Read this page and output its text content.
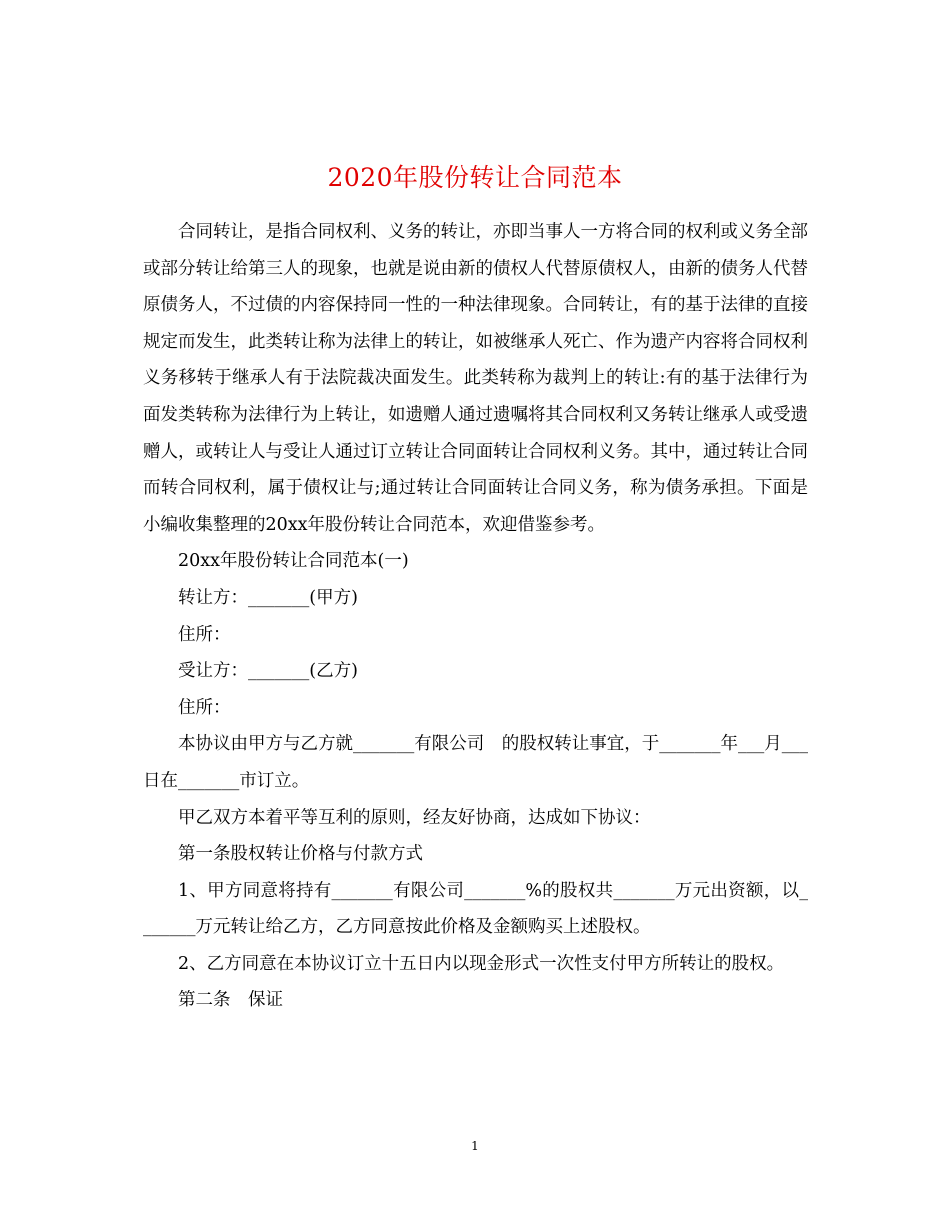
2020年股份转让合同范本

合同转让，是指合同权利、义务的转让，亦即当事人一方将合同的权利或义务全部或部分转让给第三人的现象，也就是说由新的债权人代替原债权人，由新的债务人代替原债务人，不过债的内容保持同一性的一种法律现象。合同转让，有的基于法律的直接规定而发生，此类转让称为法律上的转让，如被继承人死亡、作为遗产内容将合同权利义务移转于继承人有于法院裁决面发生。此类转称为裁判上的转让:有的基于法律行为面发类转称为法律行为上转让，如遗赠人通过遗嘱将其合同权利又务转让继承人或受遗赠人，或转让人与受让人通过订立转让合同面转让合同权利义务。其中，通过转让合同而转合同权利，属于债权让与;通过转让合同面转让合同义务，称为债务承担。下面是小编收集整理的20xx年股份转让合同范本，欢迎借鉴参考。

20xx年股份转让合同范本(一)

转让方：_______(甲方)

住所：

受让方：_______(乙方)

住所：

本协议由甲方与乙方就_______有限公司　的股权转让事宜，于_______年___月___日在_______市订立。

甲乙双方本着平等互利的原则，经友好协商，达成如下协议：

第一条股权转让价格与付款方式

1、甲方同意将持有_______有限公司_______%的股权共_______万元出资额，以_______万元转让给乙方，乙方同意按此价格及金额购买上述股权。

2、乙方同意在本协议订立十五日内以现金形式一次性支付甲方所转让的股权。

第二条　保证

1
